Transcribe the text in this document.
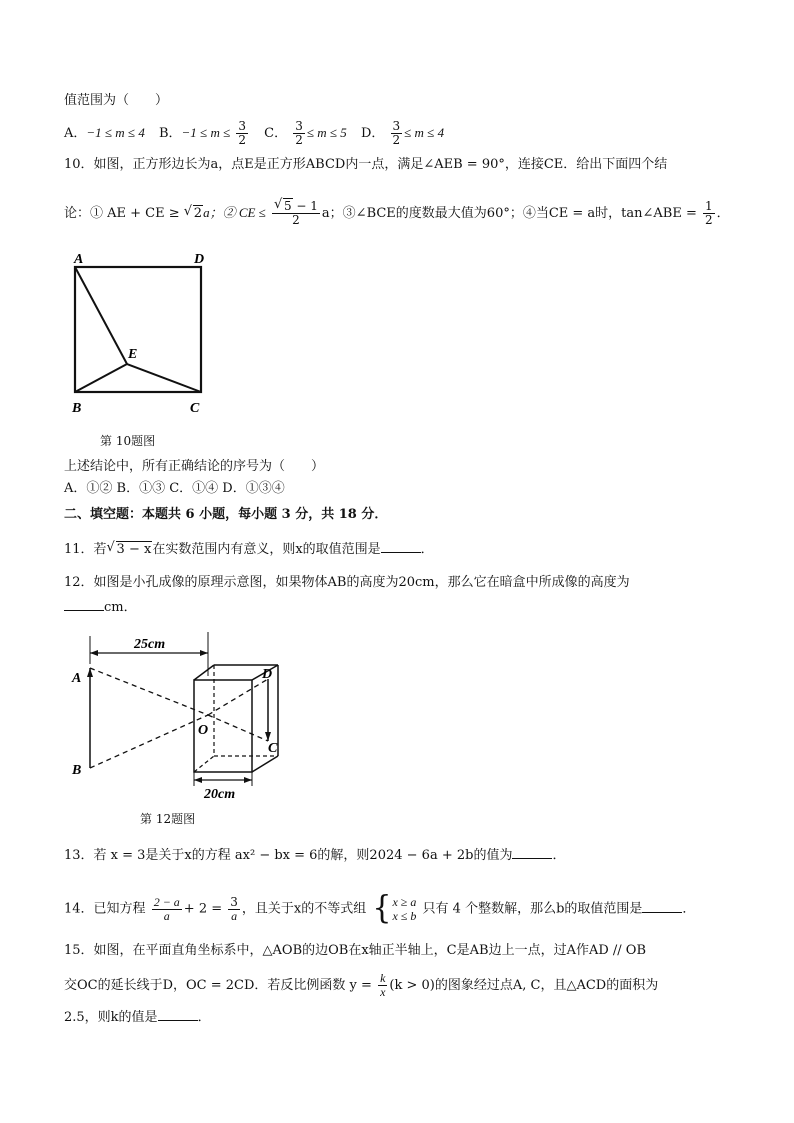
值范围为（　　）
A．−1 ≤ m ≤ 4 B．$-1 \le m \le \frac{3}{2}$ C． $\frac{3}{2} \le m \le 5$ D． $\frac{3}{2} \le m \le 4$
10．如图，正方形边长为a，点E是正方形ABCD内一点，满足∠AEB = 90°，连接CE．给出下面四个结
论：① AE + CE ≥ √ 2a；② CE ≤ √ $\frac{5 - 1}{2}$ a；③∠BCE的度数最大值为60°；④当CE = a时，tan∠ABE = $\frac{1}{2}$ ．
A	D
B	C
E
第 10题图
上述结论中，所有正确结论的序号为（　　）
A．①② B．①③ C．①④ D．①③④
二、填空题：本题共 6 小题，每小题 3 分，共 18 分．
11．若 √ 3 − x在实数范围内有意义，则x的取值范围是	．
12．如图是小孔成像的原理示意图，如果物体AB的高度为20cm，那么它在暗盒中所成像的高度为
cm．
25cm
A
B
D
C
O
20cm
第 12题图
13．若 x = 3是关于x的方程 ax² − bx = 6的解，则2024 − 6a + 2b的值为	．
14．已知方程 $\frac{2 - a}{a} + 2 = \frac{3}{a}$ ，且关于x的不等式组 { x ≥ a
x ≤ b 只有 4 个整数解，那么b的取值范围是	．
15．如图，在平面直角坐标系中，△AOB的边OB在x轴正半轴上，C是AB边上一点，过A作AD // OB
交OC的延长线于D，OC = 2CD．若反比例函数 $y = \frac{k}{x} (k > 0)$的图象经过点A, C，且△ACD的面积为
2.5，则k的值是	．
